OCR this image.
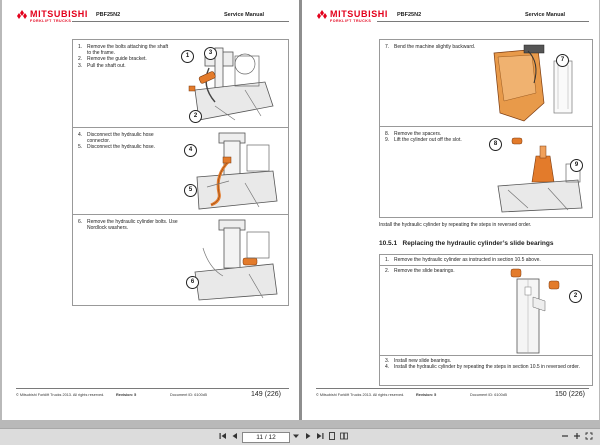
MITSUBISHI
FORKLIFT TRUCKS
PBF25N2	Service Manual
1. Remove the bolts attaching the shaft to the frame.
2. Remove the guide bracket.
3. Pull the shaft out.
1	3
2
4. Disconnect the hydraulic hose connector.
5. Disconnect the hydraulic hose.	4
5
6. Remove the hydraulic cylinder bolts. Use Nordlock washers.
6
© Mitsubishi Forklift Trucks 2013. All rights reserved.	Revision: 5	Document ID: 6100d5	149 (226)
MITSUBISHI
FORKLIFT TRUCKS
PBF25N2	Service Manual
7. Bend the machine slightly backward.
7
8. Remove the spacers.
9. Lift the cylinder out off the slot.
8
9
Install the hydraulic cylinder by repeating the steps in reversed order.
10.5.1 Replacing the hydraulic cylinder’s slide bearings
1. Remove the hydraulic cylinder as instructed in section 10.5 above.
2. Remove the slide bearings.
2
3. Install new slide bearings.
4. Install the hydraulic cylinder by repeating the steps in section 10.5 in reversed order.
© Mitsubishi Forklift Trucks 2013. All rights reserved.	Revision: 5	Document ID: 6100d5	150 (226)
11 / 12
